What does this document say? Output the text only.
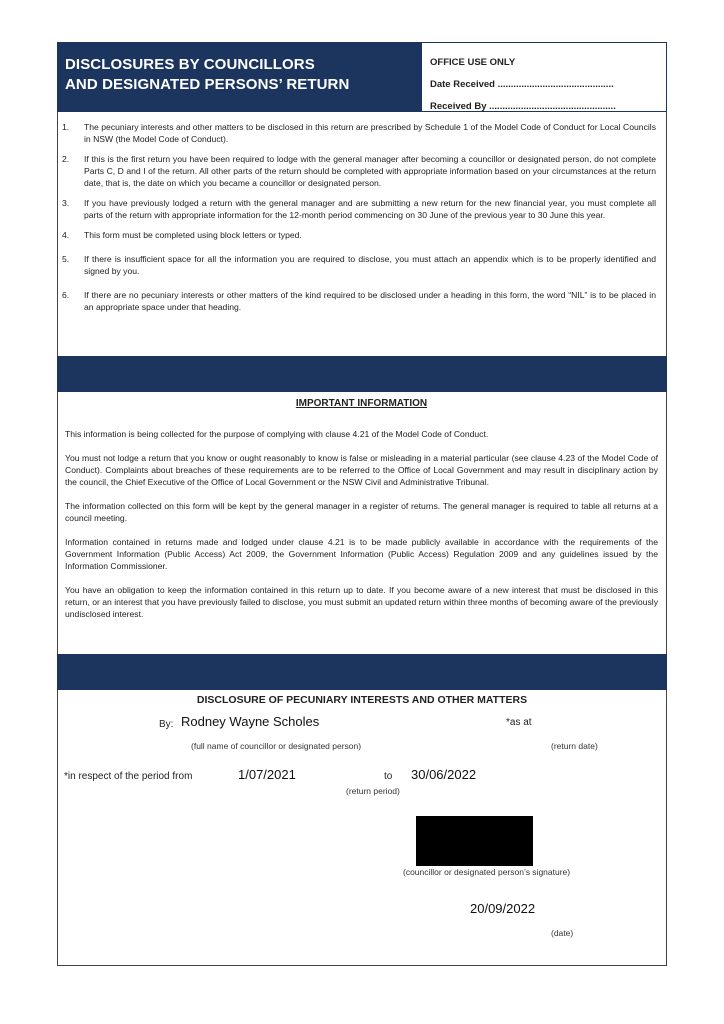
DISCLOSURES BY COUNCILLORS
AND DESIGNATED PERSONS’ RETURN
OFFICE USE ONLY
Date Received ............................................
Received By ................................................
1.	The pecuniary interests and other matters to be disclosed in this return are prescribed by Schedule 1 of the Model Code of Conduct for Local Councils in NSW (the Model Code of Conduct).
2.	If this is the first return you have been required to lodge with the general manager after becoming a councillor or designated person, do not complete Parts C, D and I of the return. All other parts of the return should be completed with appropriate information based on your circumstances at the return date, that is, the date on which you became a councillor or designated person.
3.	If you have previously lodged a return with the general manager and are submitting a new return for the new financial year, you must complete all parts of the return with appropriate information for the 12-month period commencing on 30 June of the previous year to 30 June this year.
4.	This form must be completed using block letters or typed.
5.	If there is insufficient space for all the information you are required to disclose, you must attach an appendix which is to be properly identified and signed by you.
6.	If there are no pecuniary interests or other matters of the kind required to be disclosed under a heading in this form, the word “NIL” is to be placed in an appropriate space under that heading.
IMPORTANT INFORMATION

This information is being collected for the purpose of complying with clause 4.21 of the Model Code of Conduct.

You must not lodge a return that you know or ought reasonably to know is false or misleading in a material particular (see clause 4.23 of the Model Code of Conduct). Complaints about breaches of these requirements are to be referred to the Office of Local Government and may result in disciplinary action by the council, the Chief Executive of the Office of Local Government or the NSW Civil and Administrative Tribunal.

The information collected on this form will be kept by the general manager in a register of returns. The general manager is required to table all returns at a council meeting.

Information contained in returns made and lodged under clause 4.21 is to be made publicly available in accordance with the requirements of the Government Information (Public Access) Act 2009, the Government Information (Public Access) Regulation 2009 and any guidelines issued by the Information Commissioner.

You have an obligation to keep the information contained in this return up to date. If you become aware of a new interest that must be disclosed in this return, or an interest that you have previously failed to disclose, you must submit an updated return within three months of becoming aware of the previously undisclosed interest.

DISCLOSURE OF PECUNIARY INTERESTS AND OTHER MATTERS
By: Rodney Wayne Scholes	*as at
(full name of councillor or designated person)	(return date)
*in respect of the period from	1/07/2021	to 30/06/2022
(return period)
(councillor or designated person’s signature)
20/09/2022
(date)
